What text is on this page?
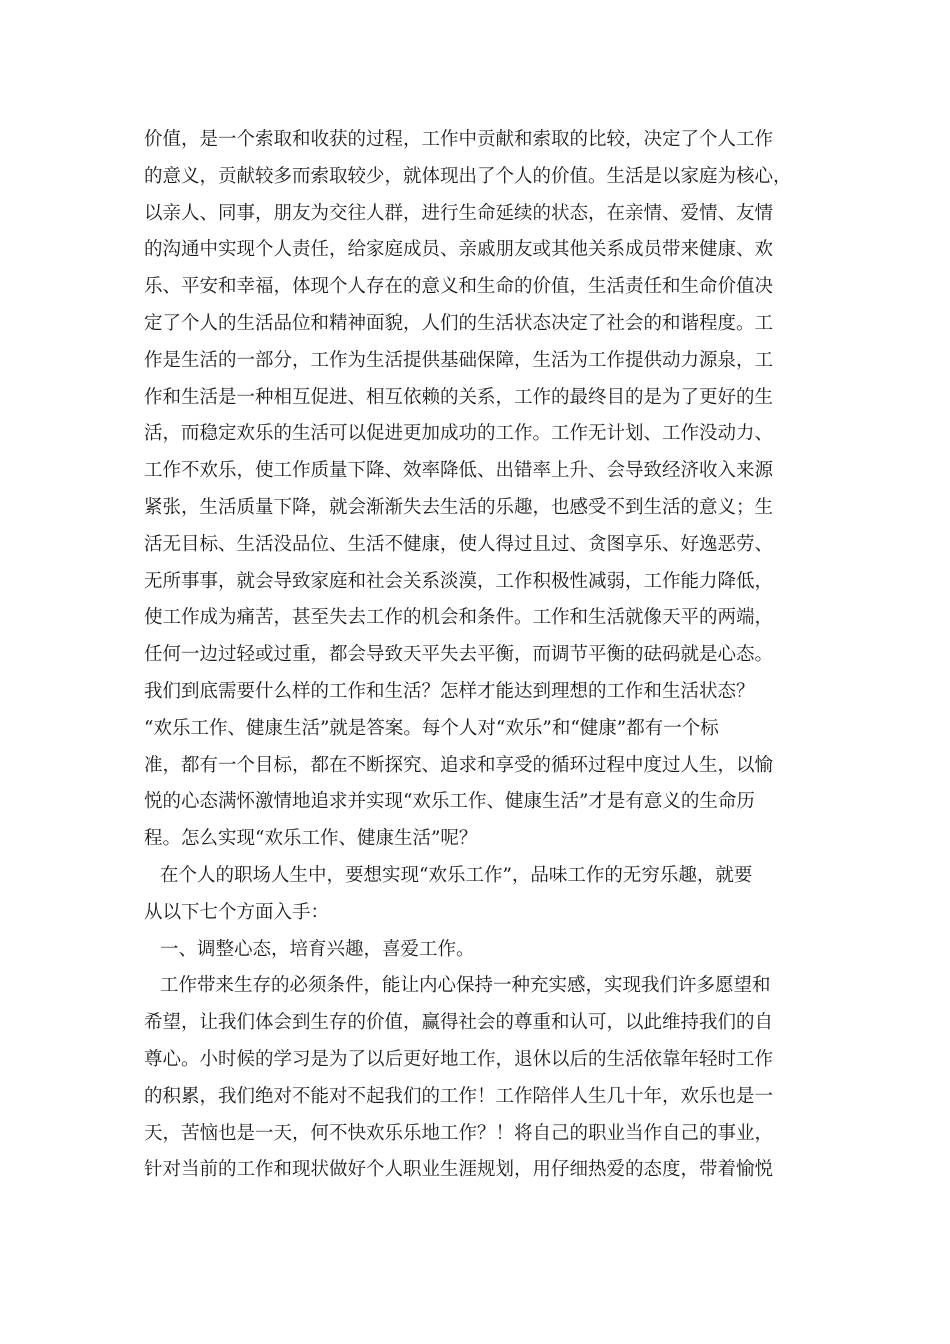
价值，是一个索取和收获的过程，工作中贡献和索取的比较，决定了个人工作
的意义，贡献较多而索取较少，就体现出了个人的价值。生活是以家庭为核心，
以亲人、同事，朋友为交往人群，进行生命延续的状态，在亲情、爱情、友情
的沟通中实现个人责任，给家庭成员、亲戚朋友或其他关系成员带来健康、欢
乐、平安和幸福，体现个人存在的意义和生命的价值，生活责任和生命价值决
定了个人的生活品位和精神面貌，人们的生活状态决定了社会的和谐程度。工
作是生活的一部分，工作为生活提供基础保障，生活为工作提供动力源泉，工
作和生活是一种相互促进、相互依赖的关系，工作的最终目的是为了更好的生
活，而稳定欢乐的生活可以促进更加成功的工作。工作无计划、工作没动力、
工作不欢乐，使工作质量下降、效率降低、出错率上升、会导致经济收入来源
紧张，生活质量下降，就会渐渐失去生活的乐趣，也感受不到生活的意义；生
活无目标、生活没品位、生活不健康，使人得过且过、贪图享乐、好逸恶劳、
无所事事，就会导致家庭和社会关系淡漠，工作积极性减弱，工作能力降低，
使工作成为痛苦，甚至失去工作的机会和条件。工作和生活就像天平的两端，
任何一边过轻或过重，都会导致天平失去平衡，而调节平衡的砝码就是心态。
我们到底需要什么样的工作和生活？怎样才能达到理想的工作和生活状态？
“欢乐工作、健康生活”就是答案。每个人对“欢乐”和“健康”都有一个标
准，都有一个目标，都在不断探究、追求和享受的循环过程中度过人生，以愉
悦的心态满怀激情地追求并实现“欢乐工作、健康生活”才是有意义的生命历
程。怎么实现“欢乐工作、健康生活”呢？
在个人的职场人生中，要想实现“欢乐工作”，品味工作的无穷乐趣，就要
从以下七个方面入手：
一、调整心态，培育兴趣，喜爱工作。
工作带来生存的必须条件，能让内心保持一种充实感，实现我们许多愿望和
希望，让我们体会到生存的价值，赢得社会的尊重和认可，以此维持我们的自
尊心。小时候的学习是为了以后更好地工作，退休以后的生活依靠年轻时工作
的积累，我们绝对不能对不起我们的工作！工作陪伴人生几十年，欢乐也是一
天，苦恼也是一天，何不快欢乐乐地工作？！将自己的职业当作自己的事业，
针对当前的工作和现状做好个人职业生涯规划，用仔细热爱的态度，带着愉悦
